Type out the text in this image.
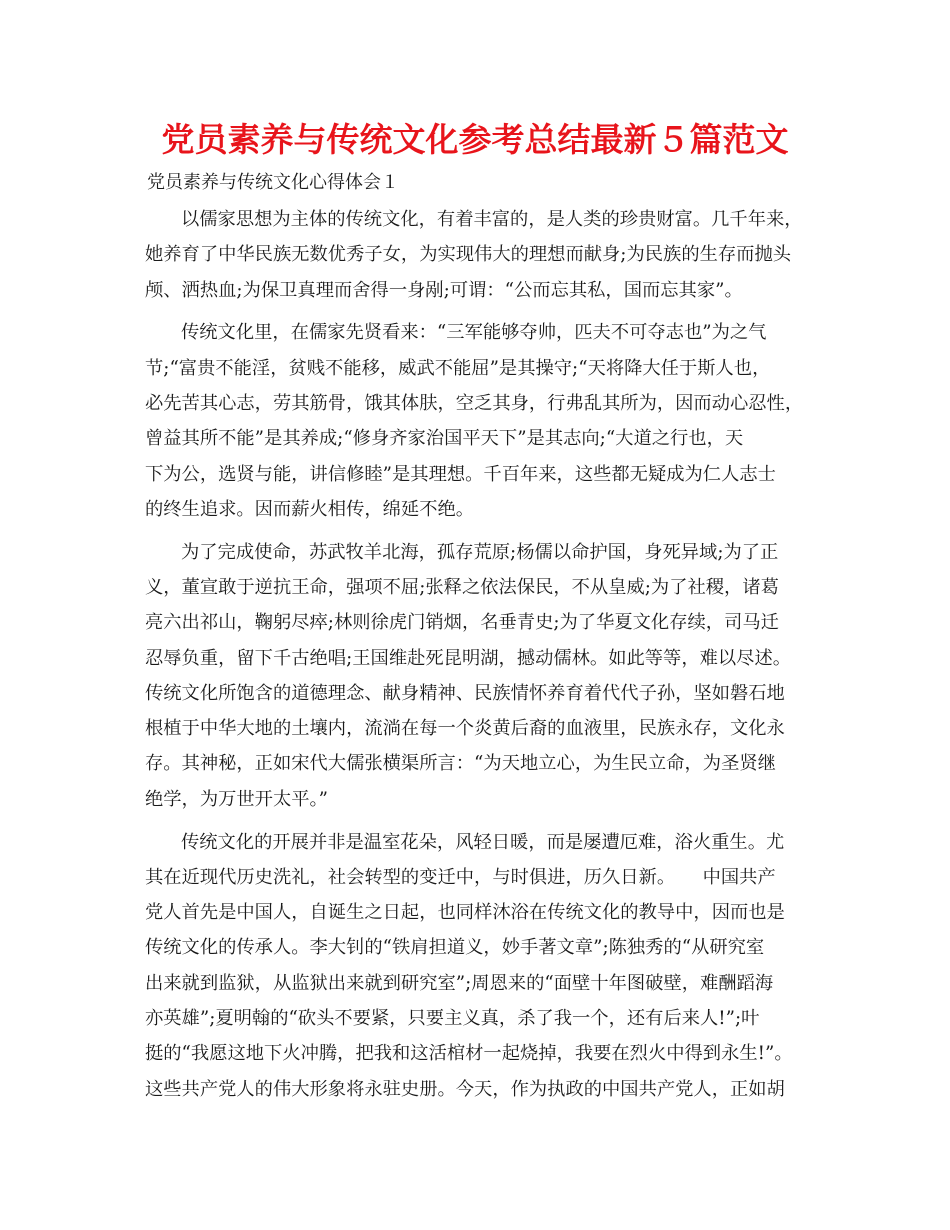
党员素养与传统文化参考总结最新５篇范文

党员素养与传统文化心得体会１

以儒家思想为主体的传统文化，有着丰富的，是人类的珍贵财富。几千年来，
她养育了中华民族无数优秀子女，为实现伟大的理想而献身;为民族的生存而抛头
颅、洒热血;为保卫真理而舍得一身剐;可谓：“公而忘其私，国而忘其家”。
传统文化里，在儒家先贤看来：“三军能够夺帅，匹夫不可夺志也”为之气
节;“富贵不能淫，贫贱不能移，威武不能屈”是其操守;“天将降大任于斯人也，
必先苦其心志，劳其筋骨，饿其体肤，空乏其身，行弗乱其所为，因而动心忍性，
曾益其所不能”是其养成;“修身齐家治国平天下”是其志向;“大道之行也，天
下为公，选贤与能，讲信修睦”是其理想。千百年来，这些都无疑成为仁人志士
的终生追求。因而薪火相传，绵延不绝。
为了完成使命，苏武牧羊北海，孤存荒原;杨儒以命护国，身死异域;为了正
义，董宣敢于逆抗王命，强项不屈;张释之依法保民，不从皇威;为了社稷，诸葛
亮六出祁山，鞠躬尽瘁;林则徐虎门销烟，名垂青史;为了华夏文化存续，司马迁
忍辱负重，留下千古绝唱;王国维赴死昆明湖，撼动儒林。如此等等，难以尽述。
传统文化所饱含的道德理念、献身精神、民族情怀养育着代代子孙，坚如磐石地
根植于中华大地的土壤内，流淌在每一个炎黄后裔的血液里，民族永存，文化永
存。其神秘，正如宋代大儒张横渠所言：“为天地立心，为生民立命，为圣贤继
绝学，为万世开太平。”
传统文化的开展并非是温室花朵，风轻日暖，而是屡遭厄难，浴火重生。尤
其在近现代历史洗礼，社会转型的变迁中，与时俱进，历久日新。　　中国共产
党人首先是中国人，自诞生之日起，也同样沐浴在传统文化的教导中，因而也是
传统文化的传承人。李大钊的“铁肩担道义，妙手著文章”;陈独秀的“从研究室
出来就到监狱，从监狱出来就到研究室”;周恩来的“面壁十年图破壁，难酬蹈海
亦英雄”;夏明翰的“砍头不要紧，只要主义真，杀了我一个，还有后来人!”;叶
挺的“我愿这地下火冲腾，把我和这活棺材一起烧掉，我要在烈火中得到永生!”。
这些共产党人的伟大形象将永驻史册。今天，作为执政的中国共产党人，正如胡
